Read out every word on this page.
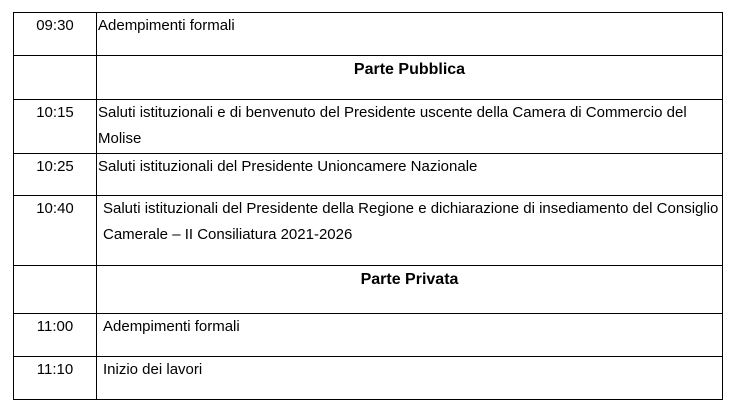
09:30	Adempimenti formali
	Parte Pubblica
10:15	Saluti istituzionali e di benvenuto del Presidente uscente della Camera di Commercio del Molise
10:25	Saluti istituzionali del Presidente Unioncamere Nazionale
10:40	Saluti istituzionali del Presidente della Regione e dichiarazione di insediamento del Consiglio Camerale – II Consiliatura 2021-2026
	Parte Privata
11:00	Adempimenti formali
11:10	Inizio dei lavori
